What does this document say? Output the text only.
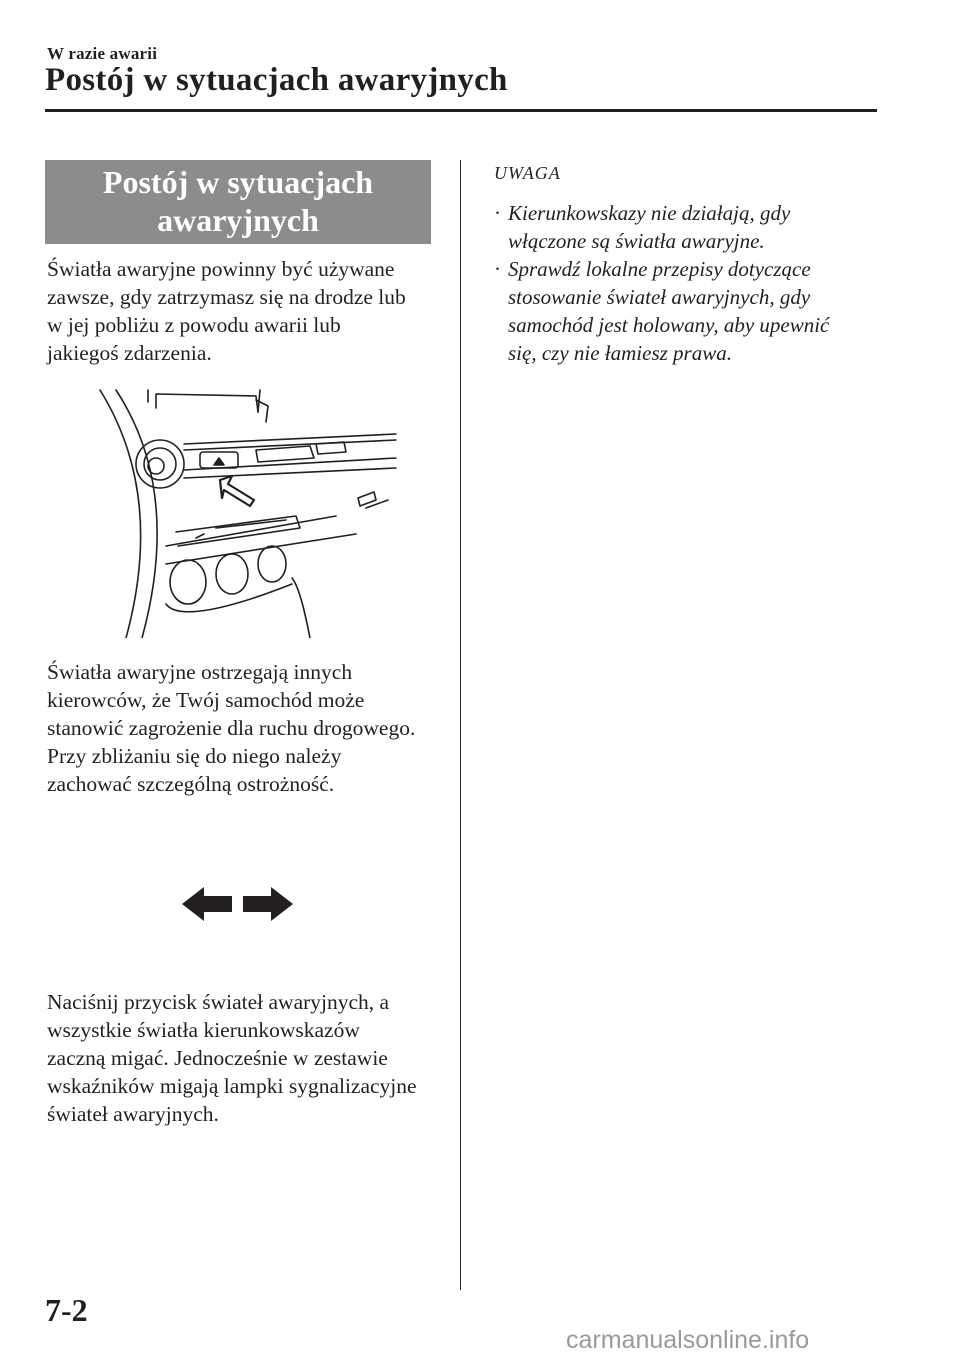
W razie awarii
Postój w sytuacjach awaryjnych
Postój w sytuacjach
awaryjnych
Światła awaryjne powinny być używane
zawsze, gdy zatrzymasz się na drodze lub
w jej pobliżu z powodu awarii lub
jakiegoś zdarzenia.
Światła awaryjne ostrzegają innych
kierowców, że Twój samochód może
stanowić zagrożenie dla ruchu drogowego.
Przy zbliżaniu się do niego należy
zachować szczególną ostrożność.
Naciśnij przycisk świateł awaryjnych, a
wszystkie światła kierunkowskazów
zaczną migać. Jednocześnie w zestawie
wskaźników migają lampki sygnalizacyjne
świateł awaryjnych.
UWAGA
· Kierunkowskazy nie działają, gdy
włączone są światła awaryjne.
· Sprawdź lokalne przepisy dotyczące
stosowanie świateł awaryjnych, gdy
samochód jest holowany, aby upewnić
się, czy nie łamiesz prawa.
7-2
carmanualsonline.info
